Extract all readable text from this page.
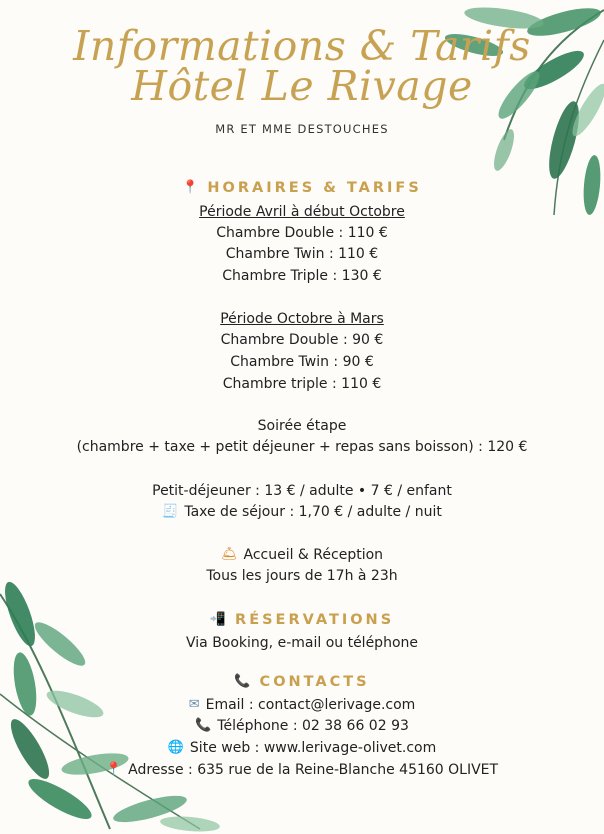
Informations & Tarifs
Hôtel Le Rivage
MR ET MME DESTOUCHES
📍 HORAIRES & TARIFS
Période Avril à début Octobre
Chambre Double : 110 €
Chambre Twin : 110 €
Chambre Triple : 130 €
Période Octobre à Mars
Chambre Double : 90 €
Chambre Twin : 90 €
Chambre triple : 110 €
Soirée étape
(chambre + taxe + petit déjeuner + repas sans boisson) : 120 €
Petit-déjeuner : 13 € / adulte • 7 € / enfant
🧾 Taxe de séjour : 1,70 € / adulte / nuit
🛎 Accueil & Réception
Tous les jours de 17h à 23h
📲 RÉSERVATIONS
Via Booking, e-mail ou téléphone
📞 CONTACTS
✉ Email : contact@lerivage.com
📞 Téléphone : 02 38 66 02 93
🌐 Site web : www.lerivage-olivet.com
📍 Adresse : 635 rue de la Reine-Blanche 45160 OLIVET
